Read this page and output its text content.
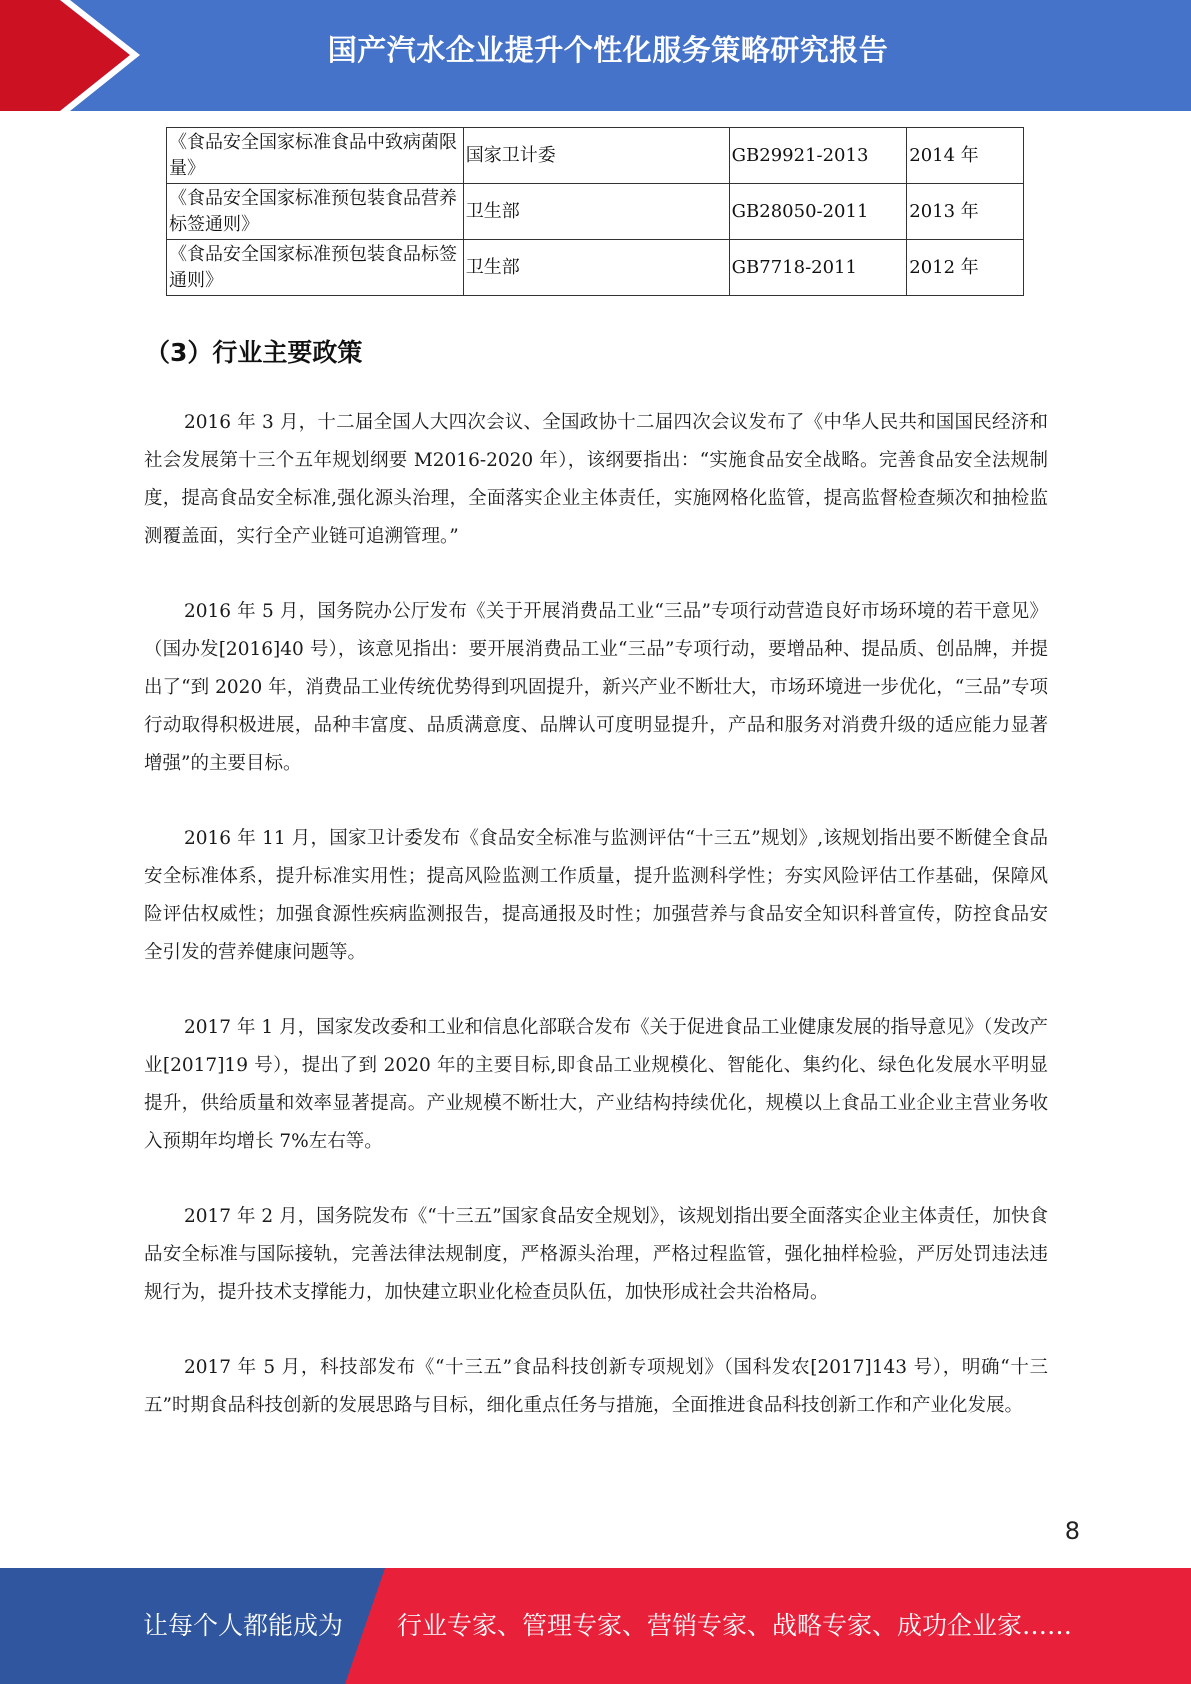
国产汽水企业提升个性化服务策略研究报告
《食品安全国家标准食品中致病菌限量》	国家卫计委	GB29921-2013	2014 年
《食品安全国家标准预包装食品营养标签通则》	卫生部	GB28050-2011	2013 年
《食品安全国家标准预包装食品标签通则》	卫生部	GB7718-2011	2012 年
（3）行业主要政策

2016 年 3 月，十二届全国人大四次会议、全国政协十二届四次会议发布了《中华人民共和国国民经济和社会发展第十三个五年规划纲要 M2016-2020 年），该纲要指出：“实施食品安全战略。完善食品安全法规制度，提高食品安全标准,强化源头治理，全面落实企业主体责任，实施网格化监管，提高监督检查频次和抽检监测覆盖面，实行全产业链可追溯管理。”

2016 年 5 月，国务院办公厅发布《关于开展消费品工业“三品”专项行动营造良好市场环境的若干意见》（国办发[2016]40 号），该意见指出：要开展消费品工业“三品”专项行动，要增品种、提品质、创品牌，并提出了“到 2020 年，消费品工业传统优势得到巩固提升，新兴产业不断壮大，市场环境进一步优化，“三品”专项行动取得积极进展，品种丰富度、品质满意度、品牌认可度明显提升，产品和服务对消费升级的适应能力显著增强”的主要目标。

2016 年 11 月，国家卫计委发布《食品安全标准与监测评估“十三五”规划》,该规划指出要不断健全食品安全标准体系，提升标准实用性；提高风险监测工作质量，提升监测科学性；夯实风险评估工作基础，保障风险评估权威性；加强食源性疾病监测报告，提高通报及时性；加强营养与食品安全知识科普宣传，防控食品安全引发的营养健康问题等。

2017 年 1 月，国家发改委和工业和信息化部联合发布《关于促进食品工业健康发展的指导意见》（发改产业[2017]19 号），提出了到 2020 年的主要目标,即食品工业规模化、智能化、集约化、绿色化发展水平明显提升，供给质量和效率显著提高。产业规模不断壮大，产业结构持续优化，规模以上食品工业企业主营业务收入预期年均增长 7%左右等。

2017 年 2 月，国务院发布《“十三五”国家食品安全规划》，该规划指出要全面落实企业主体责任，加快食品安全标准与国际接轨，完善法律法规制度，严格源头治理，严格过程监管，强化抽样检验，严厉处罚违法违规行为，提升技术支撑能力，加快建立职业化检查员队伍，加快形成社会共治格局。

2017 年 5 月，科技部发布《“十三五”食品科技创新专项规划》（国科发农[2017]143 号），明确“十三五”时期食品科技创新的发展思路与目标，细化重点任务与措施，全面推进食品科技创新工作和产业化发展。

8
让每个人都能成为 行业专家、管理专家、营销专家、战略专家、成功企业家……
